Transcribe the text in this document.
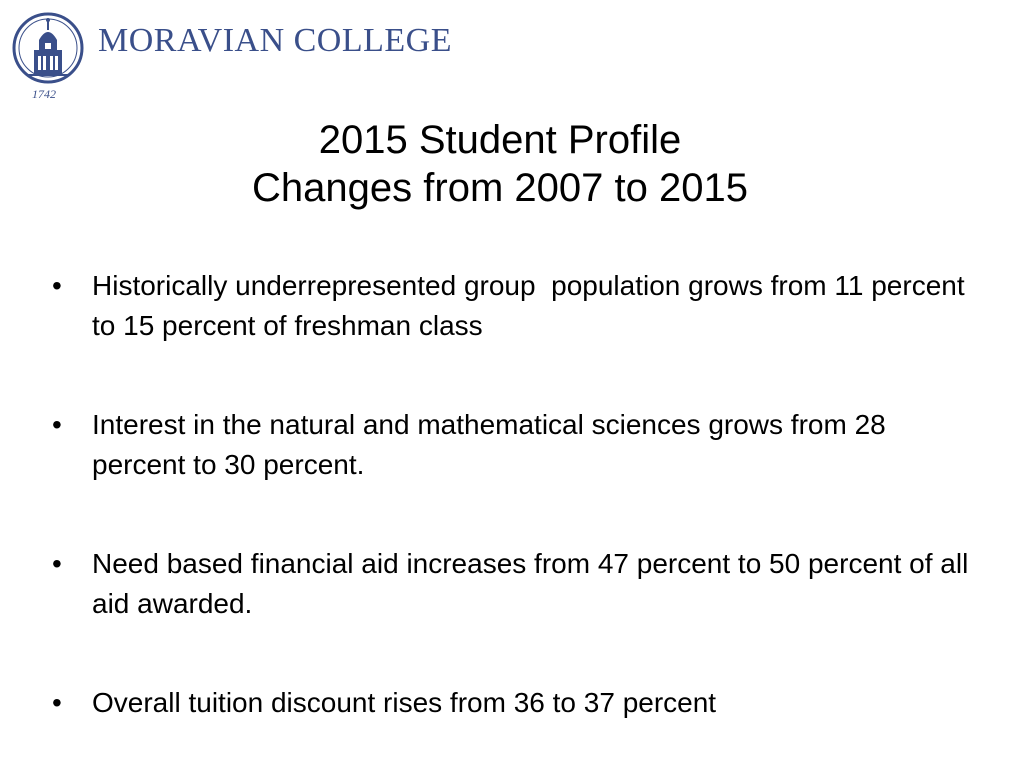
MORAVIAN COLLEGE
1742
2015 Student Profile
Changes from 2007 to 2015
• Historically underrepresented group  population grows from 11 percent to 15 percent of freshman class
• Interest in the natural and mathematical sciences grows from 28 percent to 30 percent.
• Need based financial aid increases from 47 percent to 50 percent of all aid awarded.
• Overall tuition discount rises from 36 to 37 percent
